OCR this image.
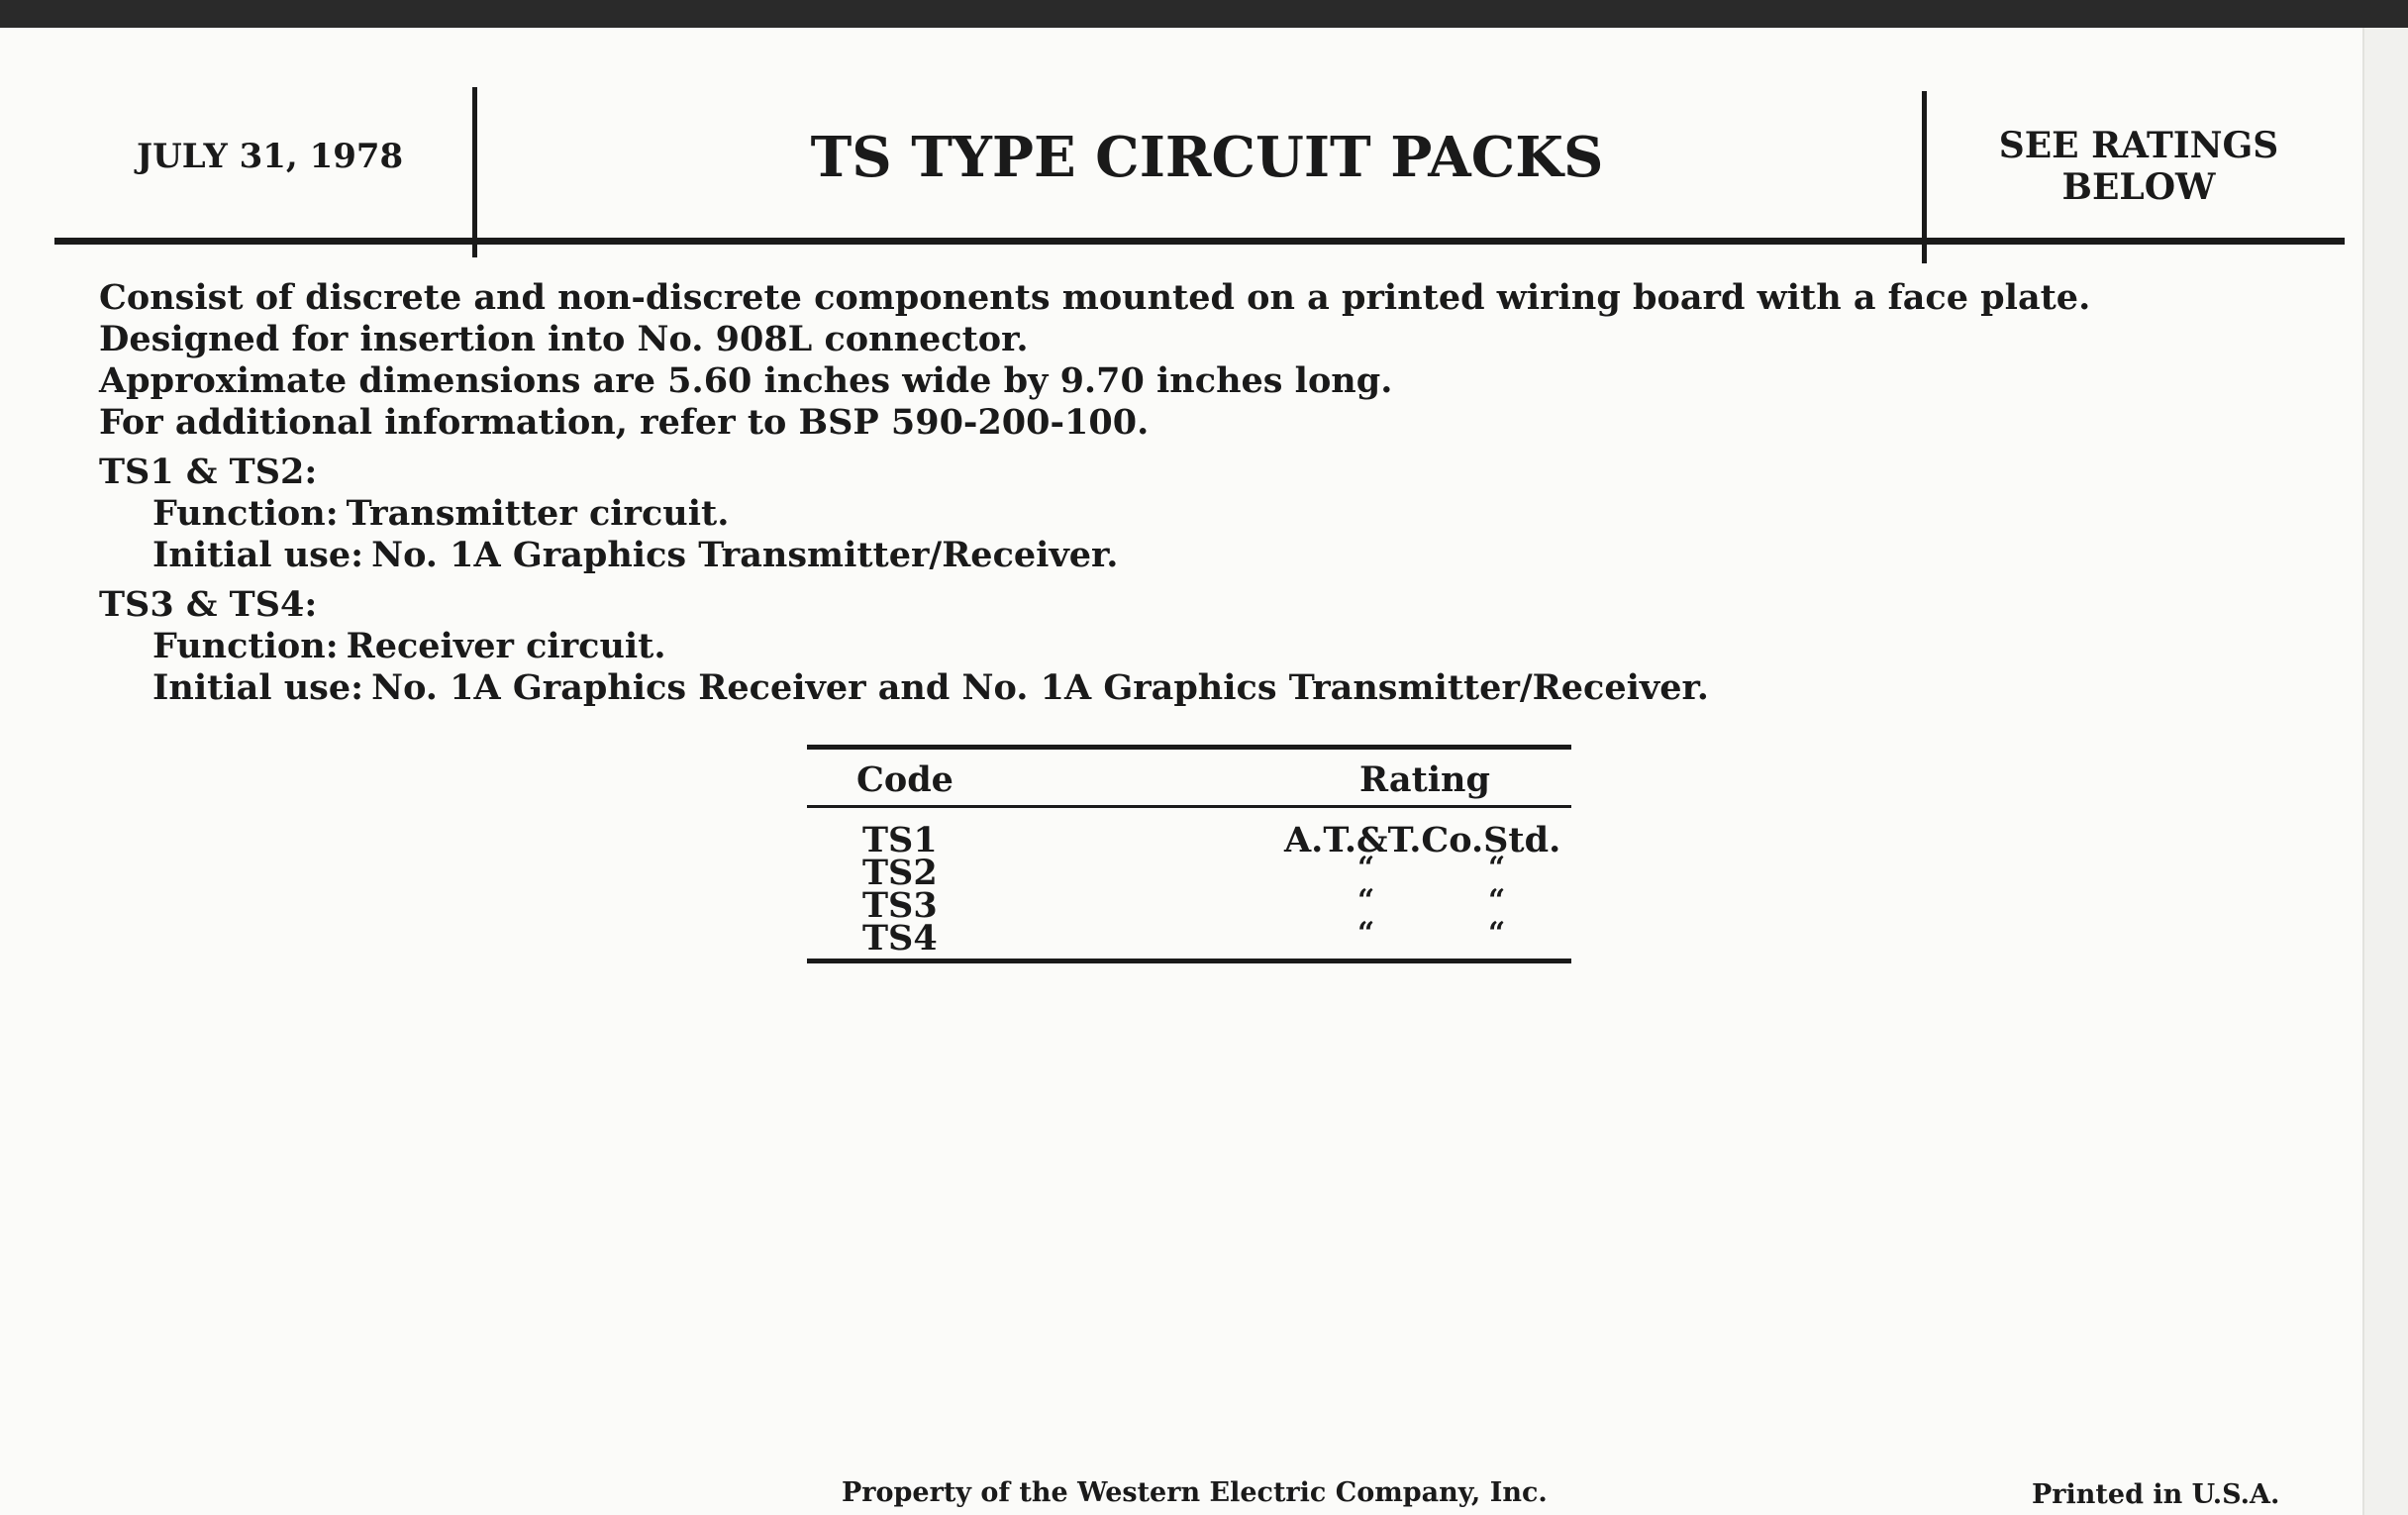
JULY 31, 1978	TS TYPE CIRCUIT PACKS	SEE RATINGS
BELOW

Consist of discrete and non-discrete components mounted on a printed wiring board with a face plate.

Designed for insertion into No. 908L connector.

Approximate dimensions are 5.60 inches wide by 9.70 inches long.

For additional information, refer to BSP 590-200-100.

TS1 & TS2:

Function: Transmitter circuit.

Initial use: No. 1A Graphics Transmitter/Receiver.

TS3 & TS4:

Function: Receiver circuit.

Initial use: No. 1A Graphics Receiver and No. 1A Graphics Transmitter/Receiver.

Code	Rating
TS1	A.T.&T.Co.Std.
TS2	“	“
TS3	“	“
TS4	“	“
Property of the Western Electric Company, Inc.	Printed in U.S.A.
